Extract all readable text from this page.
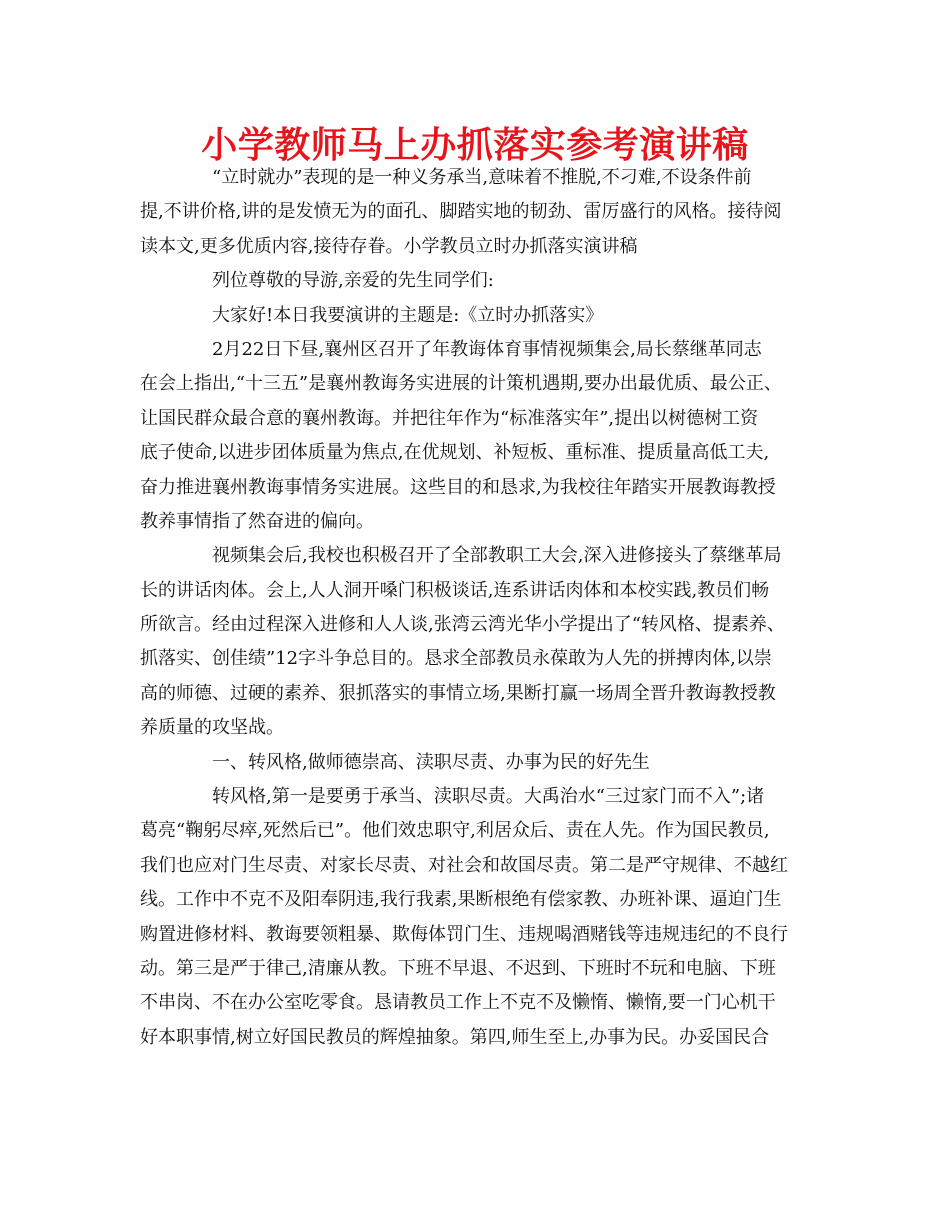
小学教师马上办抓落实参考演讲稿
“立时就办”表现的是一种义务承当,意味着不推脱,不刁难,不设条件前
提,不讲价格,讲的是发愤无为的面孔、脚踏实地的韧劲、雷厉盛行的风格。接待阅
读本文,更多优质内容,接待存眷。小学教员立时办抓落实演讲稿
列位尊敬的导游,亲爱的先生同学们:
大家好!本日我要演讲的主题是:《立时办抓落实》
2月22日下昼,襄州区召开了年教诲体育事情视频集会,局长蔡继革同志
在会上指出,“十三五”是襄州教诲务实进展的计策机遇期,要办出最优质、最公正、
让国民群众最合意的襄州教诲。并把往年作为“标准落实年”,提出以树德树工资
底子使命,以进步团体质量为焦点,在优规划、补短板、重标准、提质量高低工夫,
奋力推进襄州教诲事情务实进展。这些目的和恳求,为我校往年踏实开展教诲教授
教养事情指了然奋进的偏向。
视频集会后,我校也积极召开了全部教职工大会,深入进修接头了蔡继革局
长的讲话肉体。会上,人人洞开嗓门积极谈话,连系讲话肉体和本校实践,教员们畅
所欲言。经由过程深入进修和人人谈,张湾云湾光华小学提出了“转风格、提素养、
抓落实、创佳绩”12字斗争总目的。恳求全部教员永葆敢为人先的拼搏肉体,以崇
高的师德、过硬的素养、狠抓落实的事情立场,果断打赢一场周全晋升教诲教授教
养质量的攻坚战。
一、转风格,做师德崇高、渎职尽责、办事为民的好先生
转风格,第一是要勇于承当、渎职尽责。大禹治水“三过家门而不入”;诸
葛亮“鞠躬尽瘁,死然后已”。他们效忠职守,利居众后、责在人先。作为国民教员,
我们也应对门生尽责、对家长尽责、对社会和故国尽责。第二是严守规律、不越红
线。工作中不克不及阳奉阴违,我行我素,果断根绝有偿家教、办班补课、逼迫门生
购置进修材料、教诲要领粗暴、欺侮体罚门生、违规喝酒赌钱等违规违纪的不良行
动。第三是严于律己,清廉从教。下班不早退、不迟到、下班时不玩和电脑、下班
不串岗、不在办公室吃零食。恳请教员工作上不克不及懒惰、懒惰,要一门心机干
好本职事情,树立好国民教员的辉煌抽象。第四,师生至上,办事为民。办妥国民合
